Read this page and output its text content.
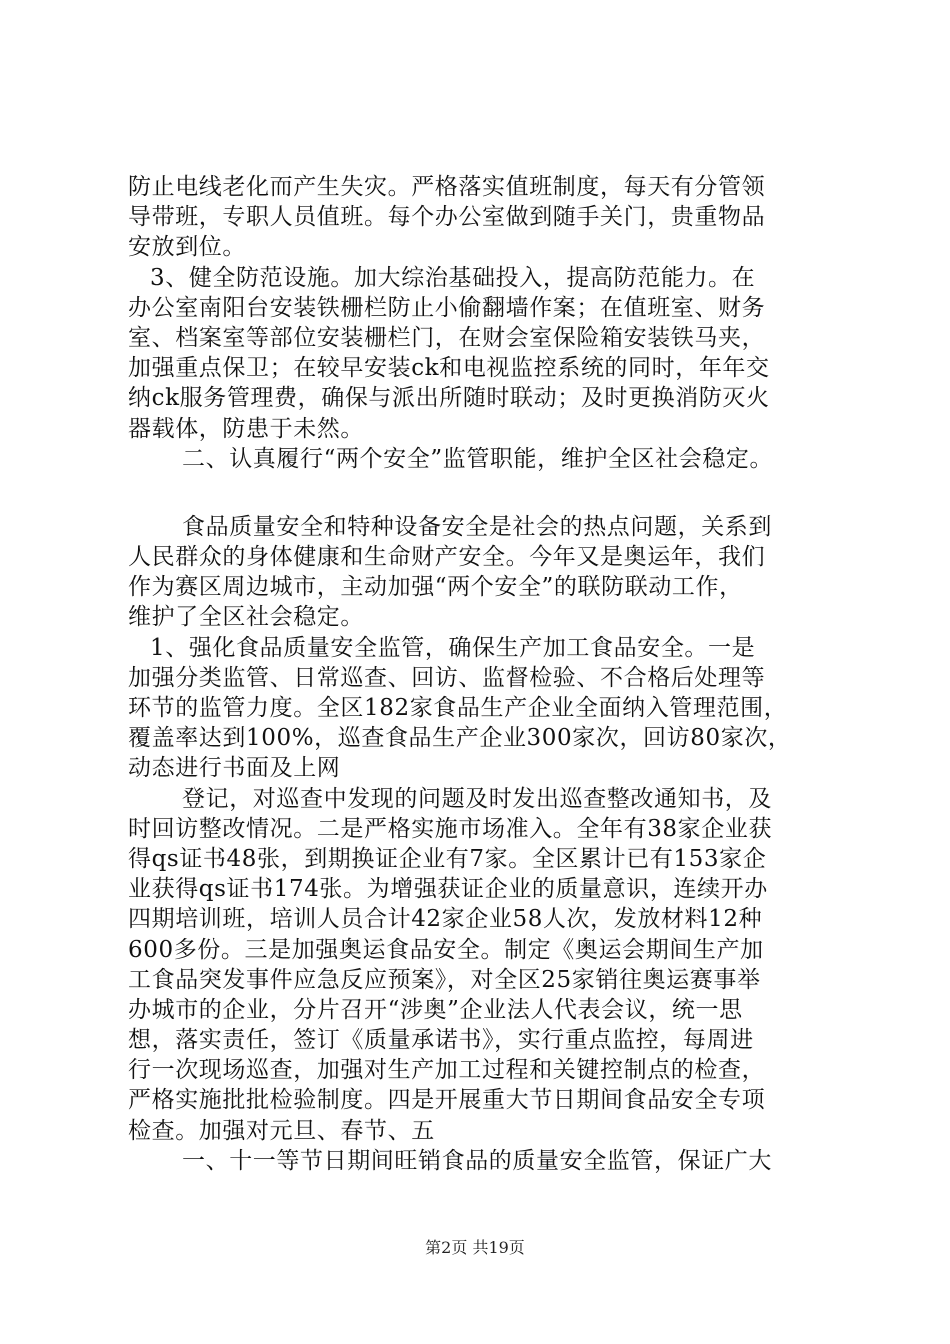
防止电线老化而产生失灾。严格落实值班制度，每天有分管领
导带班，专职人员值班。每个办公室做到随手关门，贵重物品
安放到位。
3、健全防范设施。加大综治基础投入，提高防范能力。在
办公室南阳台安装铁栅栏防止小偷翻墙作案；在值班室、财务
室、档案室等部位安装栅栏门，在财会室保险箱安装铁马夹，
加强重点保卫；在较早安装ck和电视监控系统的同时，年年交
纳ck服务管理费，确保与派出所随时联动；及时更换消防灭火
器载体，防患于未然。
二、认真履行“两个安全”监管职能，维护全区社会稳定。
食品质量安全和特种设备安全是社会的热点问题，关系到
人民群众的身体健康和生命财产安全。今年又是奥运年，我们
作为赛区周边城市，主动加强“两个安全”的联防联动工作，
维护了全区社会稳定。
1、强化食品质量安全监管，确保生产加工食品安全。一是
加强分类监管、日常巡查、回访、监督检验、不合格后处理等
环节的监管力度。全区182家食品生产企业全面纳入管理范围，
覆盖率达到100%，巡查食品生产企业300家次，回访80家次，
动态进行书面及上网
登记，对巡查中发现的问题及时发出巡查整改通知书，及
时回访整改情况。二是严格实施市场准入。全年有38家企业获
得qs证书48张，到期换证企业有7家。全区累计已有153家企
业获得qs证书174张。为增强获证企业的质量意识，连续开办
四期培训班，培训人员合计42家企业58人次，发放材料12种
600多份。三是加强奥运食品安全。制定《奥运会期间生产加
工食品突发事件应急反应预案》，对全区25家销往奥运赛事举
办城市的企业，分片召开“涉奥”企业法人代表会议，统一思
想，落实责任，签订《质量承诺书》，实行重点监控，每周进
行一次现场巡查，加强对生产加工过程和关键控制点的检查，
严格实施批批检验制度。四是开展重大节日期间食品安全专项
检查。加强对元旦、春节、五
一、十一等节日期间旺销食品的质量安全监管，保证广大
第2页 共19页
